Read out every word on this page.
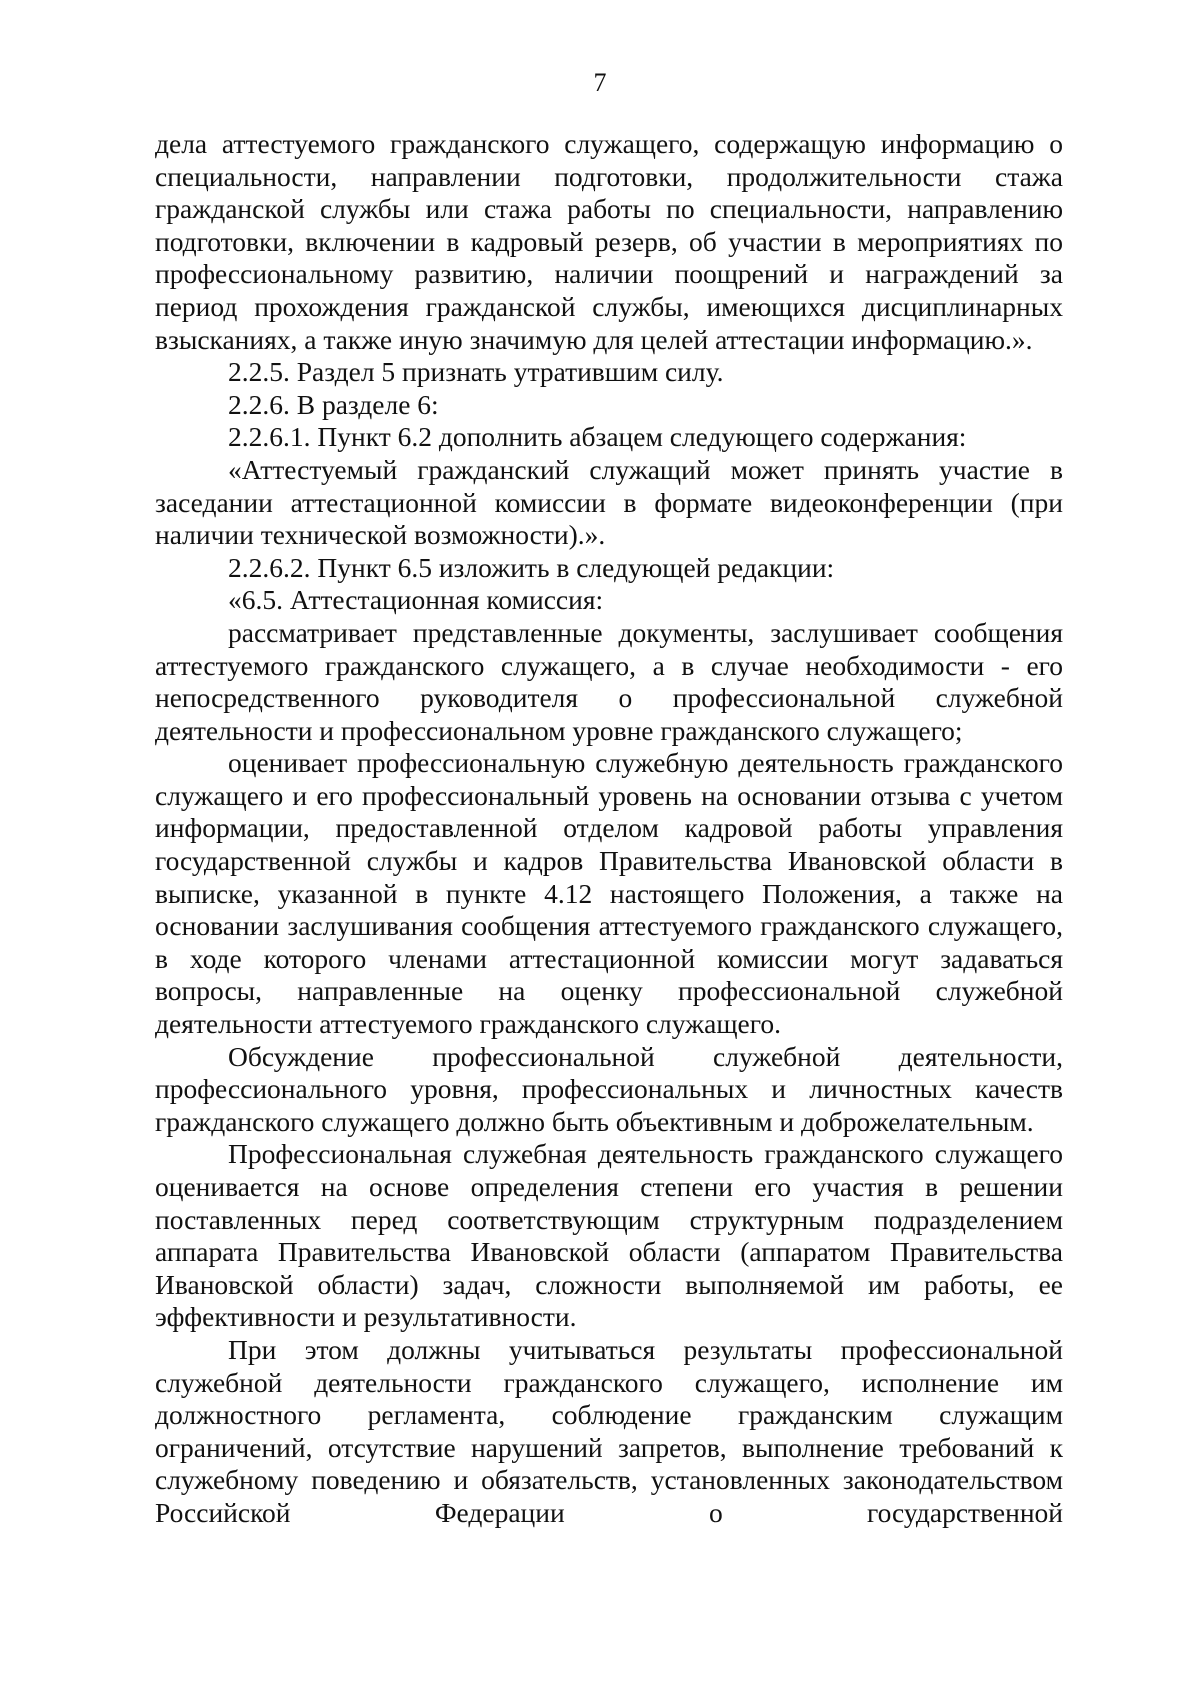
7

дела аттестуемого гражданского служащего, содержащую информацию о специальности, направлении подготовки, продолжительности стажа гражданской службы или стажа работы по специальности, направлению подготовки, включении в кадровый резерв, об участии в мероприятиях по профессиональному развитию, наличии поощрений и награждений за период прохождения гражданской службы, имеющихся дисциплинарных взысканиях, а также иную значимую для целей аттестации информацию.».

2.2.5. Раздел 5 признать утратившим силу.

2.2.6. В разделе 6:

2.2.6.1. Пункт 6.2 дополнить абзацем следующего содержания:

«Аттестуемый гражданский служащий может принять участие в заседании аттестационной комиссии в формате видеоконференции (при наличии технической возможности).».

2.2.6.2. Пункт 6.5 изложить в следующей редакции:

«6.5. Аттестационная комиссия:

рассматривает представленные документы, заслушивает сообщения аттестуемого гражданского служащего, а в случае необходимости - его непосредственного руководителя о профессиональной служебной деятельности и профессиональном уровне гражданского служащего;

оценивает профессиональную служебную деятельность гражданского служащего и его профессиональный уровень на основании отзыва с учетом информации, предоставленной отделом кадровой работы управления государственной службы и кадров Правительства Ивановской области в выписке, указанной в пункте 4.12 настоящего Положения, а также на основании заслушивания сообщения аттестуемого гражданского служащего, в ходе которого членами аттестационной комиссии могут задаваться вопросы, направленные на оценку профессиональной служебной деятельности аттестуемого гражданского служащего.

Обсуждение профессиональной служебной деятельности, профессионального уровня, профессиональных и личностных качеств гражданского служащего должно быть объективным и доброжелательным.

Профессиональная служебная деятельность гражданского служащего оценивается на основе определения степени его участия в решении поставленных перед соответствующим структурным подразделением аппарата Правительства Ивановской области (аппаратом Правительства Ивановской области) задач, сложности выполняемой им работы, ее эффективности и результативности.

При этом должны учитываться результаты профессиональной служебной деятельности гражданского служащего, исполнение им должностного регламента, соблюдение гражданским служащим ограничений, отсутствие нарушений запретов, выполнение требований к служебному поведению и обязательств, установленных законодательством Российской Федерации о государственной
